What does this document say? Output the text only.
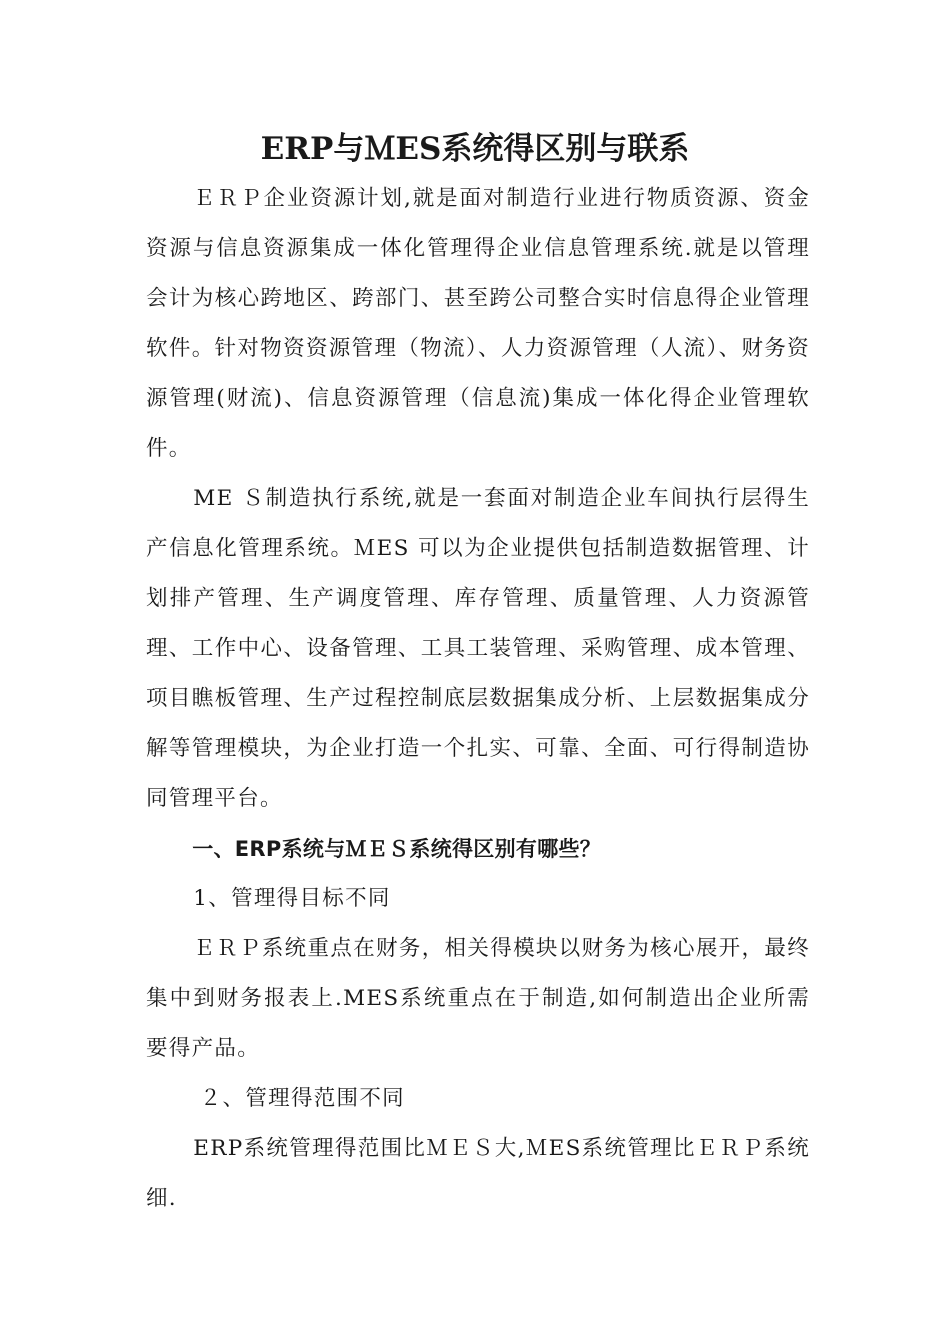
ERP与ＭES系统得区别与联系

ＥＲＰ企业资源计划,就是面对制造行业进行物质资源、资金资源与信息资源集成一体化管理得企业信息管理系统.就是以管理会计为核心跨地区、跨部门、甚至跨公司整合实时信息得企业管理软件。针对物资资源管理（物流）、人力资源管理（人流）、财务资源管理(财流)、信息资源管理（信息流)集成一体化得企业管理软件。

ME Ｓ制造执行系统,就是一套面对制造企业车间执行层得生产信息化管理系统。ＭES 可以为企业提供包括制造数据管理、计划排产管理、生产调度管理、库存管理、质量管理、人力资源管理、工作中心、设备管理、工具工装管理、采购管理、成本管理、项目瞧板管理、生产过程控制底层数据集成分析、上层数据集成分解等管理模块，为企业打造一个扎实、可靠、全面、可行得制造协同管理平台。

一、ERP系统与ＭＥＳ系统得区别有哪些？

1、管理得目标不同

ＥＲＰ系统重点在财务，相关得模块以财务为核心展开，最终集中到财务报表上.MES系统重点在于制造,如何制造出企业所需要得产品。

２、管理得范围不同

ERP系统管理得范围比ＭＥＳ大,ＭES系统管理比ＥＲＰ系统细.
